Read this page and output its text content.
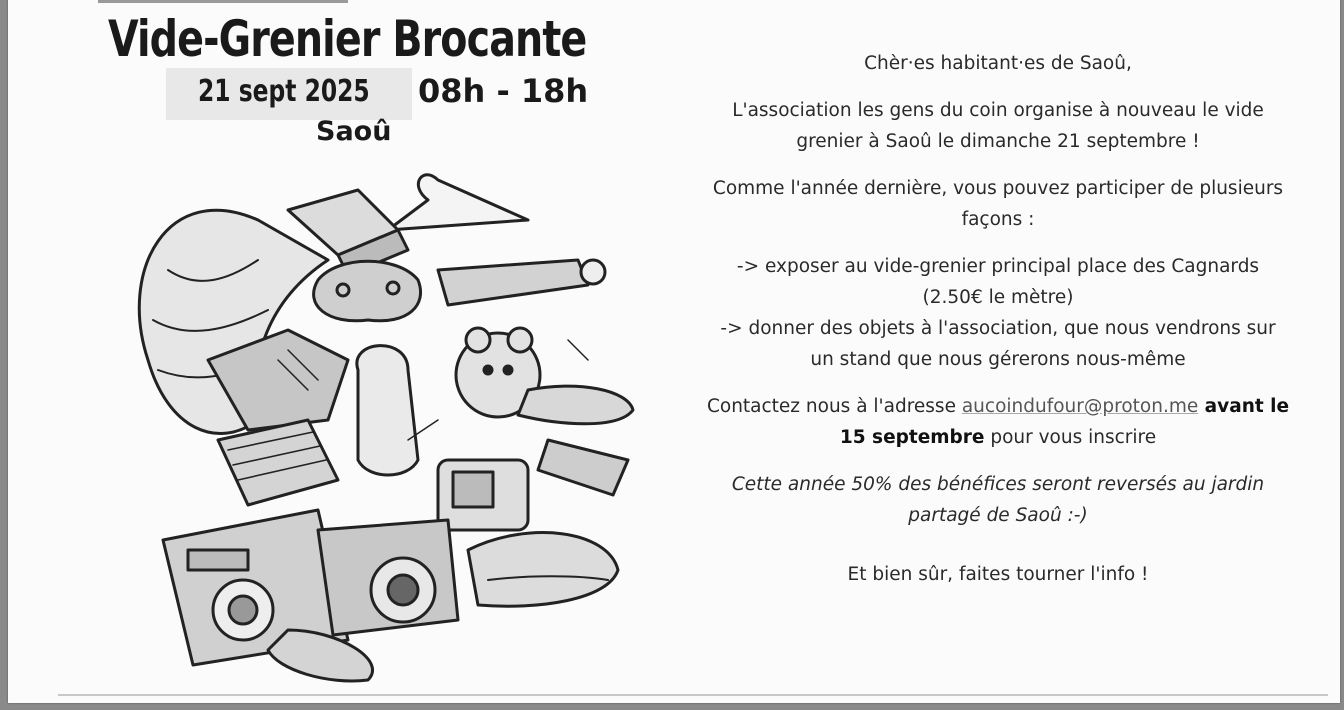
Vide-Grenier Brocante
21 sept 2025 08h - 18h
Saoû

Chèr·es habitant·es de Saoû,

L'association les gens du coin organise à nouveau le vide

grenier à Saoû le dimanche 21 septembre !

Comme l'année dernière, vous pouvez participer de plusieurs

façons :

-> exposer au vide-grenier principal place des Cagnards

(2.50€ le mètre)

-> donner des objets à l'association, que nous vendrons sur

un stand que nous gérerons nous-même

Contactez nous à l'adresse aucoindufour@proton.me avant le

15 septembre pour vous inscrire

Cette année 50% des bénéfices seront reversés au jardin

partagé de Saoû :-)

Et bien sûr, faites tourner l'info !
